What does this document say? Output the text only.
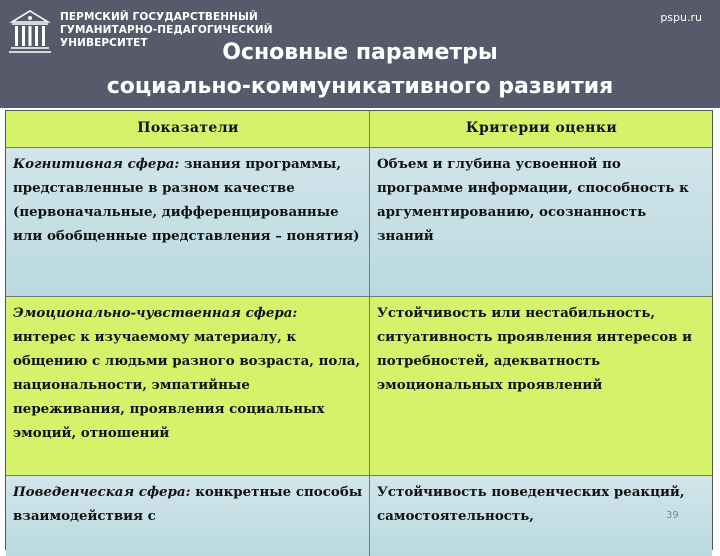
ПЕРМСКИЙ ГОСУДАРСТВЕННЫЙ
ГУМАНИТАРНО-ПЕДАГОГИЧЕСКИЙ
УНИВЕРСИТЕТ
pspu.ru
Основные параметры
социально-коммуникативного развития
Показатели	Критерии оценки
Когнитивная сфера: знания программы, представленные в разном качестве (первоначальные, дифференцированные или обобщенные представления – понятия)
Объем и глубина усвоенной по программе информации, способность к аргументированию, осознанность знаний
Эмоционально-чувственная сфера: интерес к изучаемому материалу, к общению с людьми разного возраста, пола, национальности, эмпатийные переживания, проявления социальных эмоций, отношений
Устойчивость или нестабильность, ситуативность проявления интересов и потребностей, адекватность эмоциональных проявлений
Поведенческая сфера: конкретные способы взаимодействия с
Устойчивость поведенческих реакций, самостоятельность,	39
